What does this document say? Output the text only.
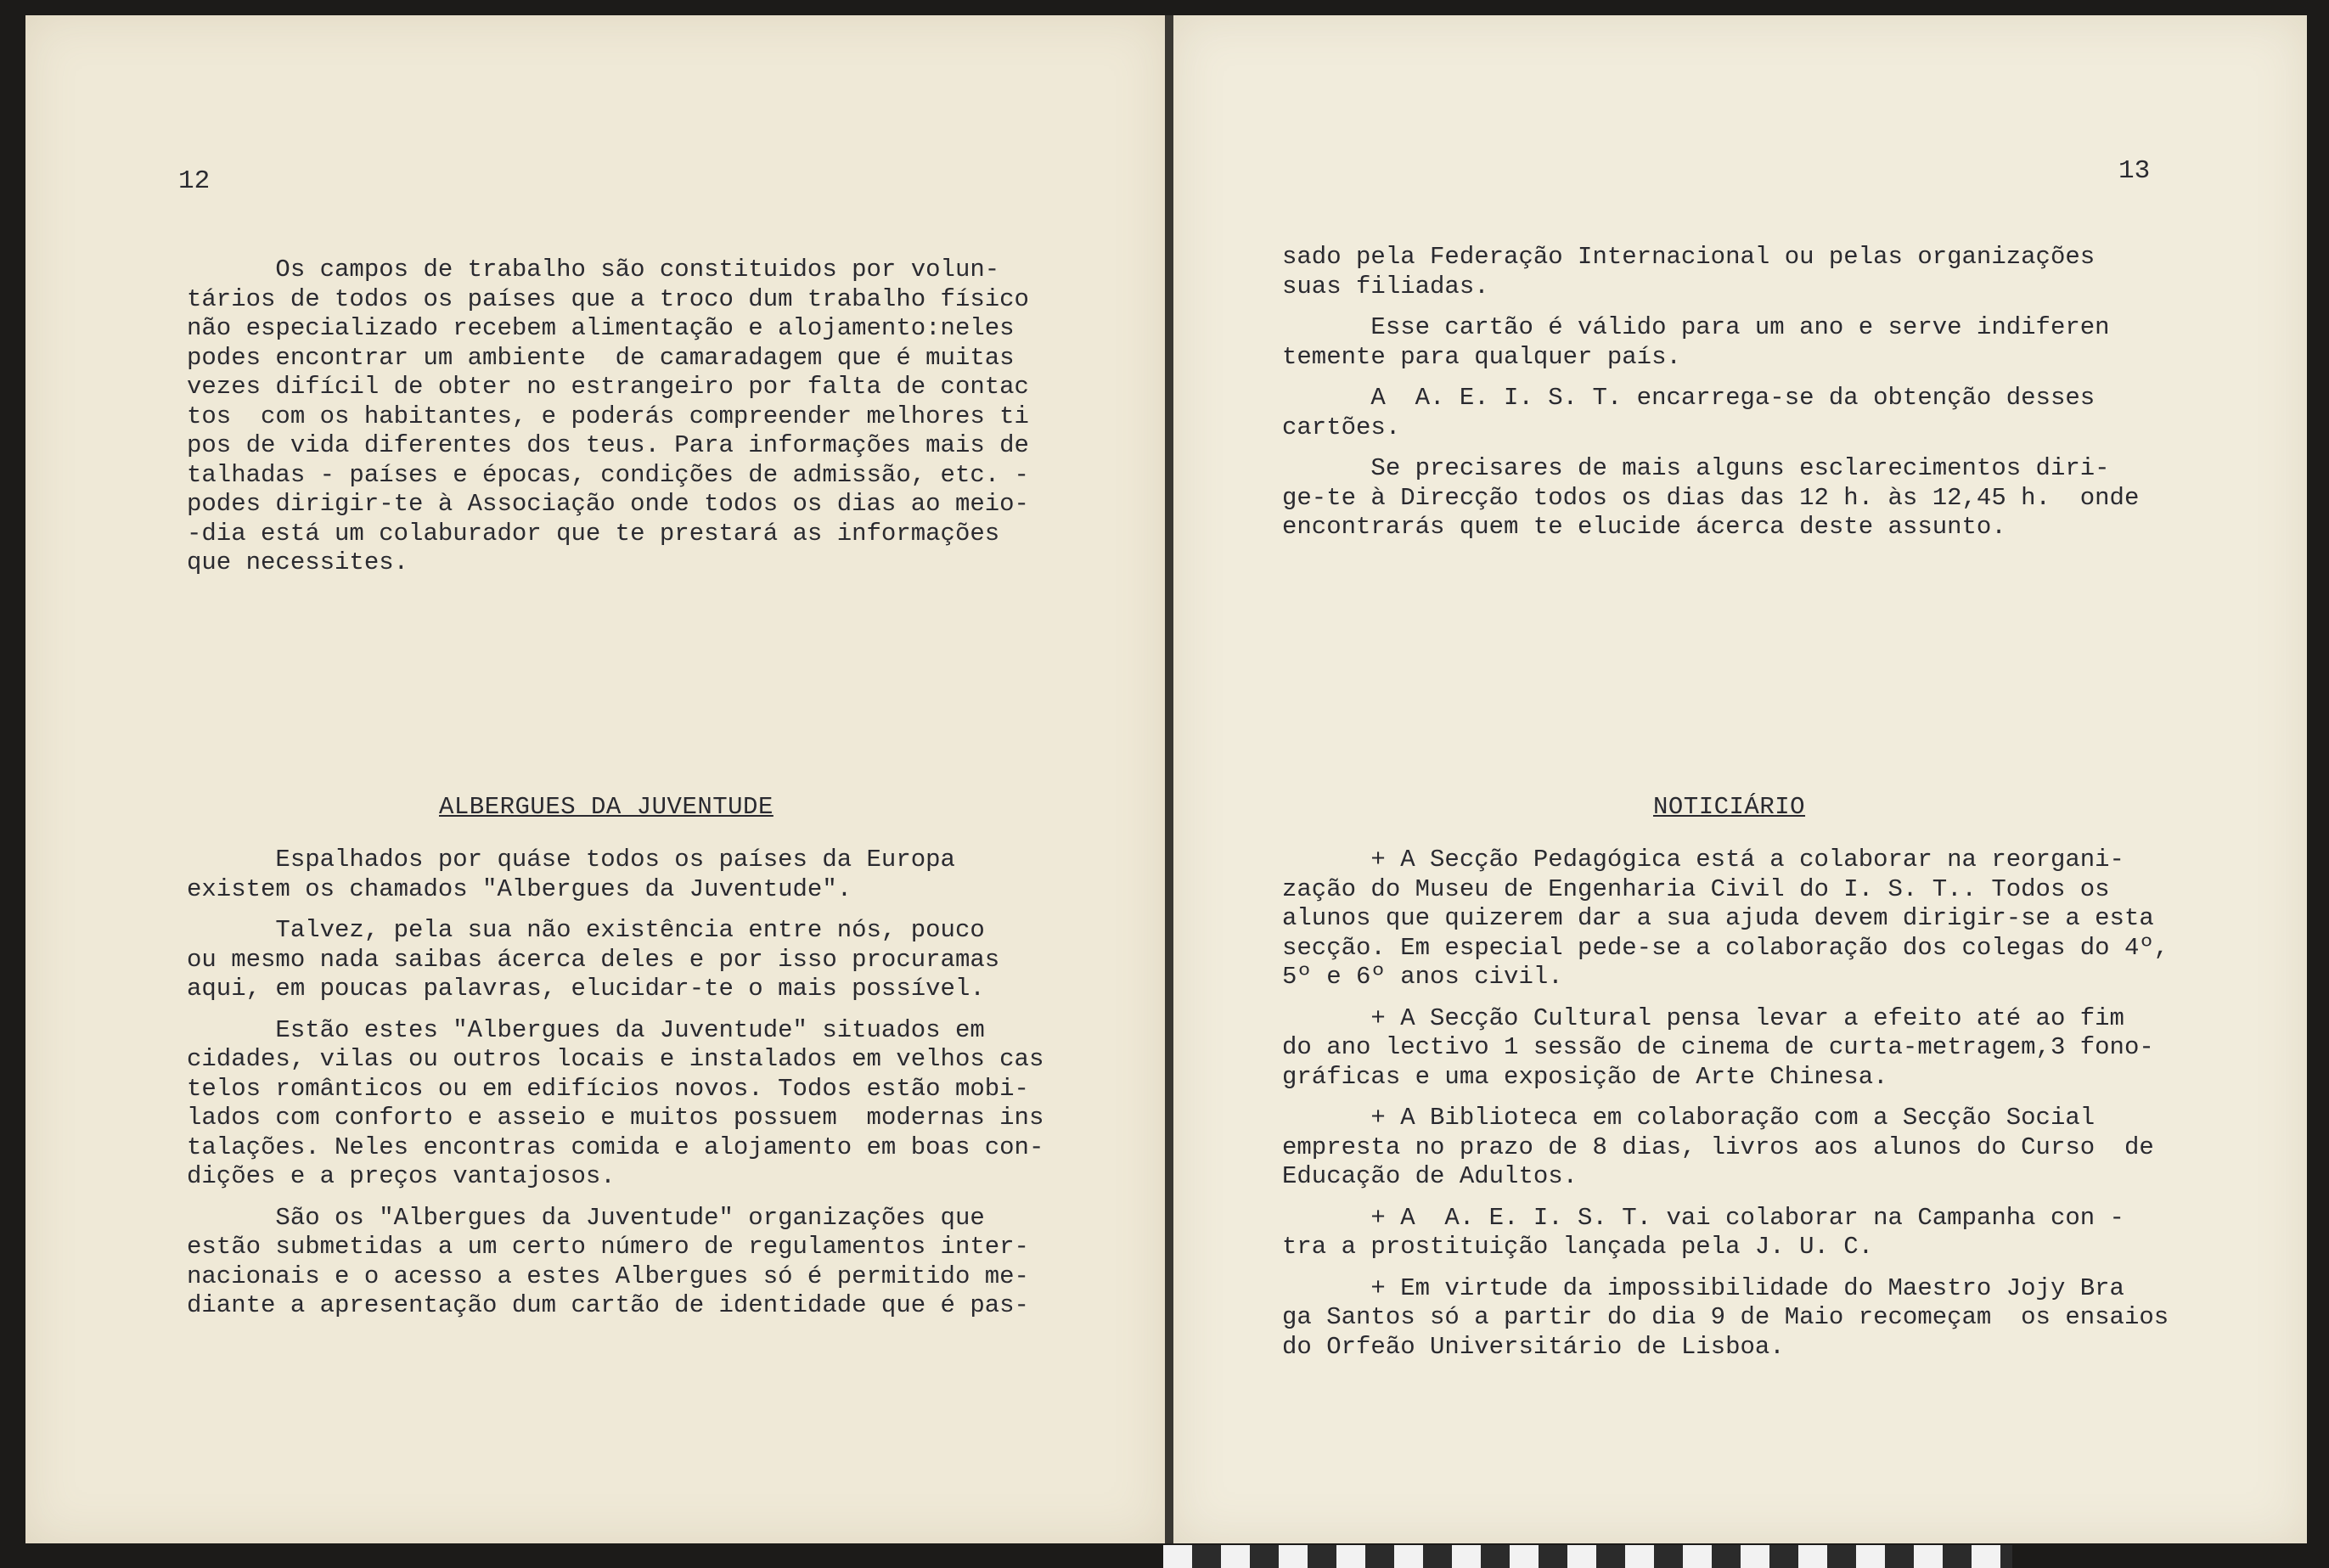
12
Os campos de trabalho são constituidos por volun-
tários de todos os países que a troco dum trabalho físico
não especializado recebem alimentação e alojamento:neles
podes encontrar um ambiente  de camaradagem que é muitas
vezes difícil de obter no estrangeiro por falta de contac
tos  com os habitantes, e poderás compreender melhores ti
pos de vida diferentes dos teus. Para informações mais de
talhadas - países e épocas, condições de admissão, etc. -
podes dirigir-te à Associação onde todos os dias ao meio-
-dia está um colaburador que te prestará as informações
que necessites.
ALBERGUES DA JUVENTUDE
Espalhados por quáse todos os países da Europa
existem os chamados "Albergues da Juventude".

Talvez, pela sua não existência entre nós, pouco
ou mesmo nada saibas ácerca deles e por isso procuramas
aqui, em poucas palavras, elucidar-te o mais possível.

Estão estes "Albergues da Juventude" situados em
cidades, vilas ou outros locais e instalados em velhos cas
telos românticos ou em edifícios novos. Todos estão mobi-
lados com conforto e asseio e muitos possuem  modernas ins
talações. Neles encontras comida e alojamento em boas con-
dições e a preços vantajosos.

São os "Albergues da Juventude" organizações que
estão submetidas a um certo número de regulamentos inter-
nacionais e o acesso a estes Albergues só é permitido me-
diante a apresentação dum cartão de identidade que é pas-
13
sado pela Federação Internacional ou pelas organizações
suas filiadas.

Esse cartão é válido para um ano e serve indiferen
temente para qualquer país.

A  A. E. I. S. T. encarrega-se da obtenção desses
cartões.

Se precisares de mais alguns esclarecimentos diri-
ge-te à Direcção todos os dias das 12 h. às 12,45 h.  onde
encontrarás quem te elucide ácerca deste assunto.
NOTICIÁRIO
+ A Secção Pedagógica está a colaborar na reorgani-
zação do Museu de Engenharia Civil do I. S. T.. Todos os
alunos que quizerem dar a sua ajuda devem dirigir-se a esta
secção. Em especial pede-se a colaboração dos colegas do 4º,
5º e 6º anos civil.

+ A Secção Cultural pensa levar a efeito até ao fim
do ano lectivo 1 sessão de cinema de curta-metragem,3 fono-
gráficas e uma exposição de Arte Chinesa.

+ A Biblioteca em colaboração com a Secção Social
empresta no prazo de 8 dias, livros aos alunos do Curso  de
Educação de Adultos.

+ A  A. E. I. S. T. vai colaborar na Campanha con -
tra a prostituição lançada pela J. U. C.

+ Em virtude da impossibilidade do Maestro Jojy Bra
ga Santos só a partir do dia 9 de Maio recomeçam  os ensaios
do Orfeão Universitário de Lisboa.
